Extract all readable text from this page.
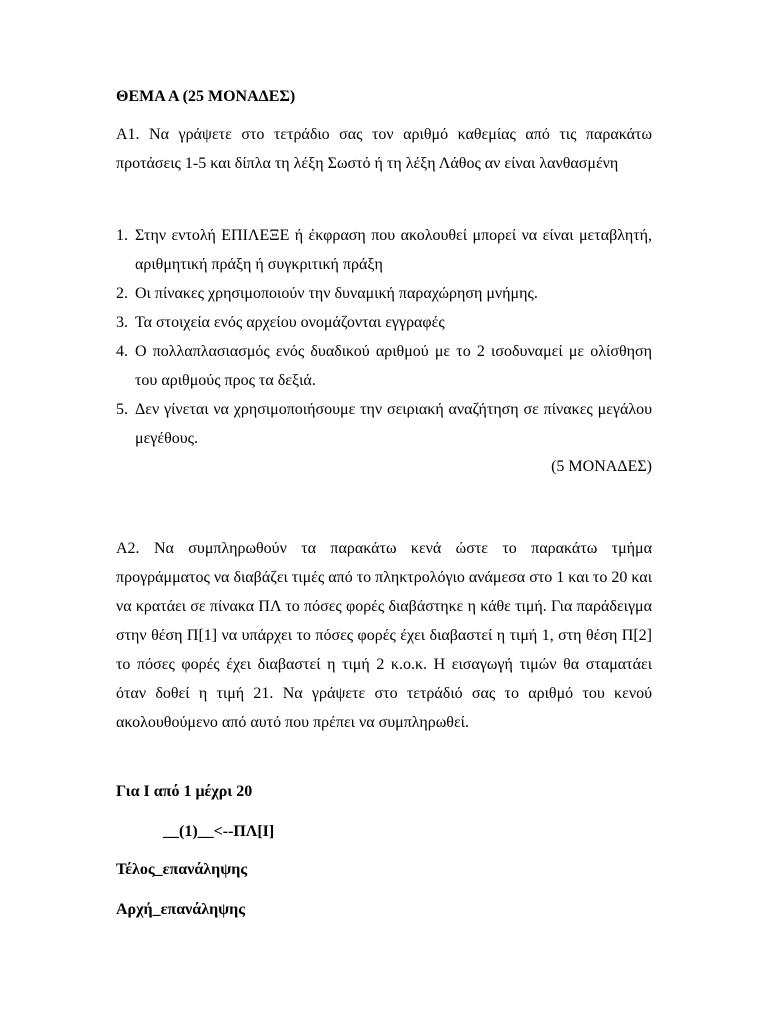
ΘΕΜΑ Α (25 ΜΟΝΑΔΕΣ)

Α1. Να γράψετε στο τετράδιο σας τον αριθμό καθεμίας από τις παρακάτω προτάσεις 1-5 και δίπλα τη λέξη Σωστό ή τη λέξη Λάθος αν είναι λανθασμένη

1. Στην εντολή ΕΠΙΛΕΞΕ ή έκφραση που ακολουθεί μπορεί να είναι μεταβλητή, αριθμητική πράξη ή συγκριτική πράξη
2. Οι πίνακες χρησιμοποιούν την δυναμική παραχώρηση μνήμης.
3. Τα στοιχεία ενός αρχείου ονομάζονται εγγραφές
4. Ο πολλαπλασιασμός ενός δυαδικού αριθμού με το 2 ισοδυναμεί με ολίσθηση του αριθμούς προς τα δεξιά.
5. Δεν γίνεται να χρησιμοποιήσουμε την σειριακή αναζήτηση σε πίνακες μεγάλου μεγέθους.
(5 ΜΟΝΑΔΕΣ)

Α2. Να συμπληρωθούν τα παρακάτω κενά ώστε το παρακάτω τμήμα προγράμματος να διαβάζει τιμές από το πληκτρολόγιο ανάμεσα στο 1 και το 20 και να κρατάει σε πίνακα ΠΛ το πόσες φορές διαβάστηκε η κάθε τιμή. Για παράδειγμα στην θέση Π[1] να υπάρχει το πόσες φορές έχει διαβαστεί η τιμή 1, στη θέση Π[2] το πόσες φορές έχει διαβαστεί η τιμή 2 κ.ο.κ. Η εισαγωγή τιμών θα σταματάει όταν δοθεί η τιμή 21. Να γράψετε στο τετράδιό σας το αριθμό του κενού ακολουθούμενο από αυτό που πρέπει να συμπληρωθεί.

Για Ι από 1 μέχρι 20
__(1)__<--ΠΛ[Ι]
Τέλος_επανάληψης
Αρχή_επανάληψης
